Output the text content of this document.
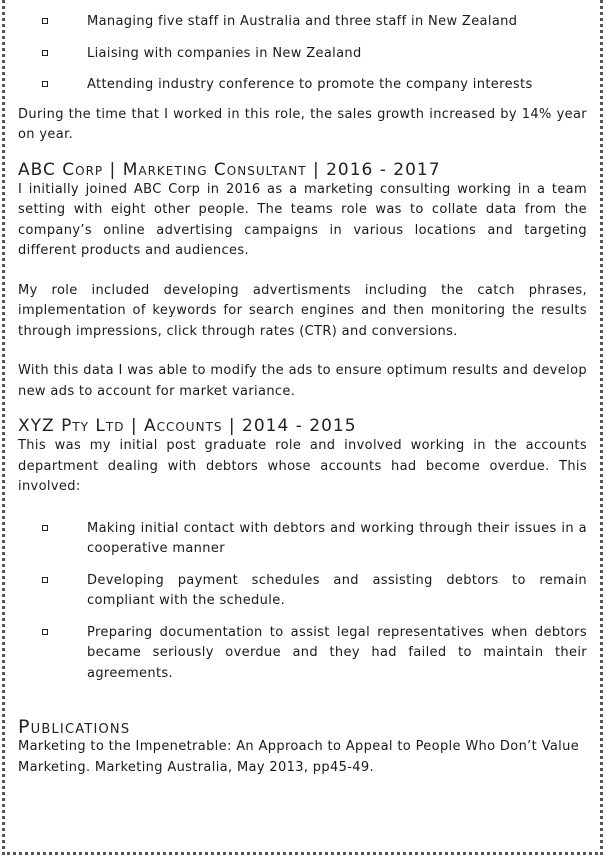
Managing five staff in Australia and three staff in New Zealand
Liaising with companies in New Zealand
Attending industry conference to promote the company interests

During the time that I worked in this role, the sales growth increased by 14% year on year.

ABC Corp | Marketing Consultant | 2016 - 2017

I initially joined ABC Corp in 2016 as a marketing consulting working in a team setting with eight other people. The teams role was to collate data from the company’s online advertising campaigns in various locations and targeting different products and audiences.

My role included developing advertisments including the catch phrases, implementation of keywords for search engines and then monitoring the results through impressions, click through rates (CTR) and conversions.

With this data I was able to modify the ads to ensure optimum results and develop new ads to account for market variance.

XYZ Pty Ltd | Accounts | 2014 - 2015

This was my initial post graduate role and involved working in the accounts department dealing with debtors whose accounts had become overdue. This involved:

Making initial contact with debtors and working through their issues in a cooperative manner
Developing payment schedules and assisting debtors to remain compliant with the schedule.
Preparing documentation to assist legal representatives when debtors became seriously overdue and they had failed to maintain their agreements.
Publications

Marketing to the Impenetrable: An Approach to Appeal to People Who Don’t Value Marketing. Marketing Australia, May 2013, pp45-49.
